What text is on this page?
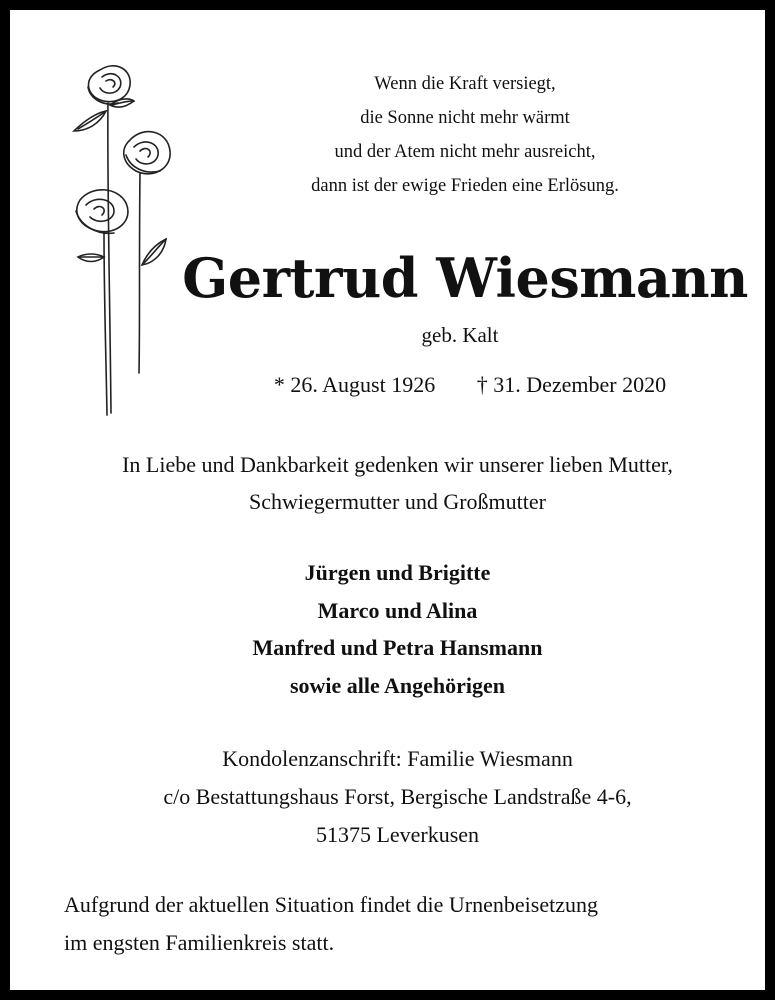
Wenn die Kraft versiegt,
die Sonne nicht mehr wärmt
und der Atem nicht mehr ausreicht,
dann ist der ewige Frieden eine Erlösung.
Gertrud Wiesmann
geb. Kalt
* 26. August 1926 † 31. Dezember 2020
In Liebe und Dankbarkeit gedenken wir unserer lieben Mutter,
Schwiegermutter und Großmutter
Jürgen und Brigitte
Marco und Alina
Manfred und Petra Hansmann
sowie alle Angehörigen
Kondolenzanschrift: Familie Wiesmann
c/o Bestattungshaus Forst, Bergische Landstraße 4-6,
51375 Leverkusen
Aufgrund der aktuellen Situation findet die Urnenbeisetzung
im engsten Familienkreis statt.
